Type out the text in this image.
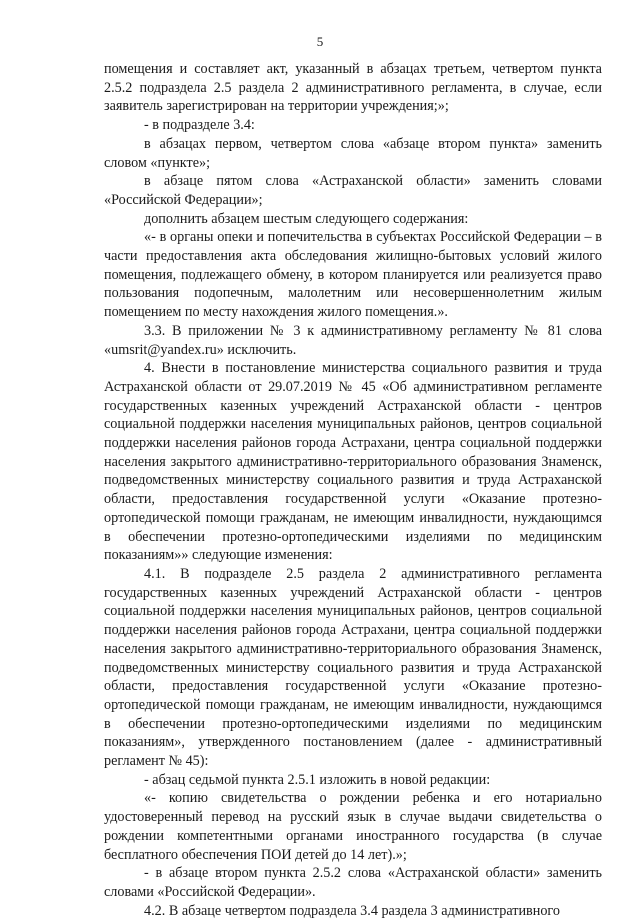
5

помещения и составляет акт, указанный в абзацах третьем, четвертом пункта 2.5.2 подраздела 2.5 раздела 2 административного регламента, в случае, если заявитель зарегистрирован на территории учреждения;»;

- в подразделе 3.4:

в абзацах первом, четвертом слова «абзаце втором пункта» заменить словом «пункте»;

в абзаце пятом слова «Астраханской области» заменить словами «Российской Федерации»;

дополнить абзацем шестым следующего содержания:

«- в органы опеки и попечительства в субъектах Российской Федерации – в части предоставления акта обследования жилищно-бытовых условий жилого помещения, подлежащего обмену, в котором планируется или реализуется право пользования подопечным, малолетним или несовершеннолетним жилым помещением по месту нахождения жилого помещения.».

3.3. В приложении № 3 к административному регламенту № 81 слова «umsrit@yandex.ru» исключить.

4. Внести в постановление министерства социального развития и труда Астраханской области от 29.07.2019 № 45 «Об административном регламенте государственных казенных учреждений Астраханской области - центров социальной поддержки населения муниципальных районов, центров социальной поддержки населения районов города Астрахани, центра социальной поддержки населения закрытого административно-территориального образования Знаменск, подведомственных министерству социального развития и труда Астраханской области, предоставления государственной услуги «Оказание протезно-ортопедической помощи гражданам, не имеющим инвалидности, нуждающимся в обеспечении протезно-ортопедическими изделиями по медицинским показаниям»» следующие изменения:

4.1. В подразделе 2.5 раздела 2 административного регламента государственных казенных учреждений Астраханской области - центров социальной поддержки населения муниципальных районов, центров социальной поддержки населения районов города Астрахани, центра социальной поддержки населения закрытого административно-территориального образования Знаменск, подведомственных министерству социального развития и труда Астраханской области, предоставления государственной услуги «Оказание протезно-ортопедической помощи гражданам, не имеющим инвалидности, нуждающимся в обеспечении протезно-ортопедическими изделиями по медицинским показаниям», утвержденного постановлением (далее - административный регламент № 45):

- абзац седьмой пункта 2.5.1 изложить в новой редакции:

«- копию свидетельства о рождении ребенка и его нотариально удостоверенный перевод на русский язык в случае выдачи свидетельства о рождении компетентными органами иностранного государства (в случае бесплатного обеспечения ПОИ детей до 14 лет).»;

- в абзаце втором пункта 2.5.2 слова «Астраханской области» заменить словами «Российской Федерации».

4.2. В абзаце четвертом подраздела 3.4 раздела 3 административного
